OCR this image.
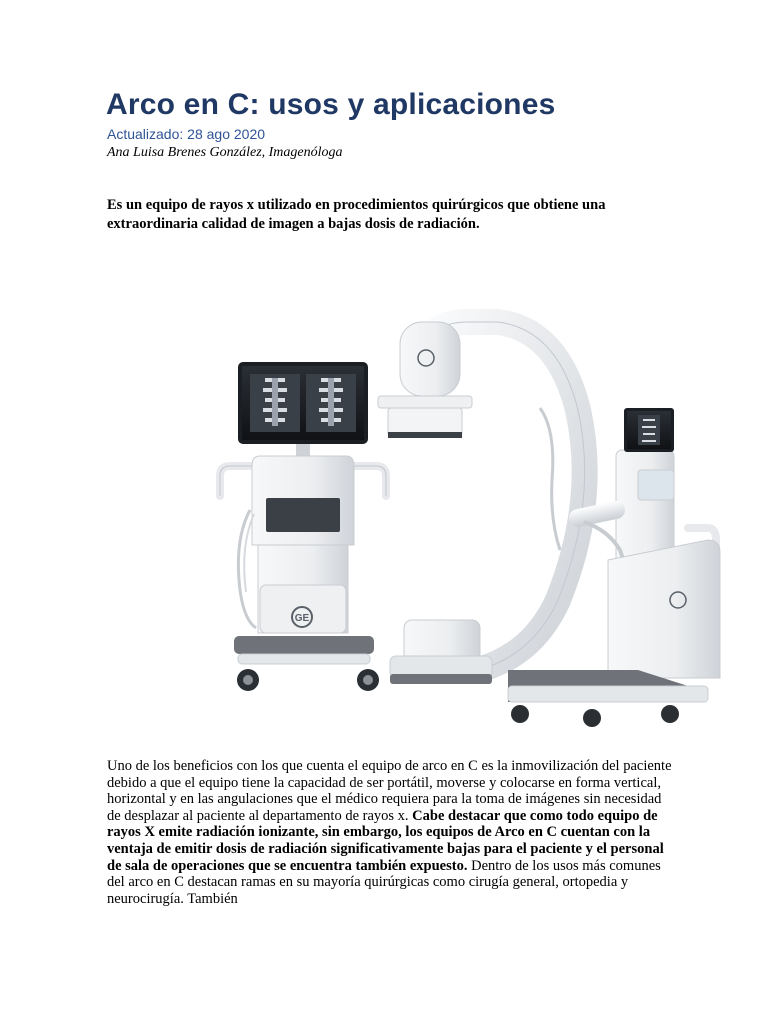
Arco en C: usos y aplicaciones
Actualizado: 28 ago 2020
Ana Luisa Brenes González, Imagenóloga

Es un equipo de rayos x utilizado en procedimientos quirúrgicos que obtiene una extraordinaria calidad de imagen a bajas dosis de radiación.

GE

Uno de los beneficios con los que cuenta el equipo de arco en C es la inmovilización del paciente debido a que el equipo tiene la capacidad de ser portátil, moverse y colocarse en forma vertical, horizontal y en las angulaciones que el médico requiera para la toma de imágenes sin necesidad de desplazar al paciente al departamento de rayos x. Cabe destacar que como todo equipo de rayos X emite radiación ionizante, sin embargo, los equipos de Arco en C cuentan con la ventaja de emitir dosis de radiación significativamente bajas para el paciente y el personal de sala de operaciones que se encuentra también expuesto. Dentro de los usos más comunes del arco en C destacan ramas en su mayoría quirúrgicas como cirugía general, ortopedia y neurocirugía. También
